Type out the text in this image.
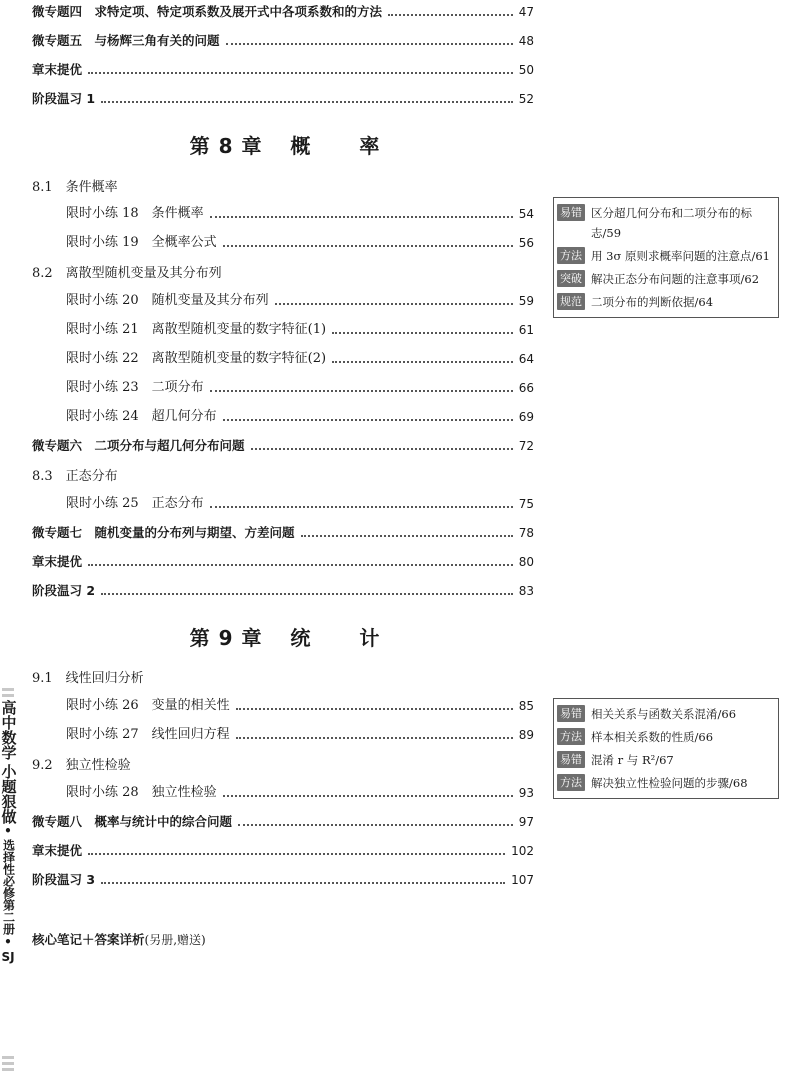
微专题四　求特定项、特定项系数及展开式中各项系数和的方法	47
微专题五　与杨辉三角有关的问题	48
章末提优	50
阶段温习 1	52
第 8 章 概 率
8.1　条件概率
限时小练 18　条件概率	54
限时小练 19　全概率公式	56
8.2　离散型随机变量及其分布列
限时小练 20　随机变量及其分布列	59
限时小练 21　离散型随机变量的数字特征(1)	61
限时小练 22　离散型随机变量的数字特征(2)	64
限时小练 23　二项分布	66
限时小练 24　超几何分布	69
微专题六　二项分布与超几何分布问题	72
8.3　正态分布
限时小练 25　正态分布	75
微专题七　随机变量的分布列与期望、方差问题	78
章末提优	80
阶段温习 2	83
易错 区分超几何分布和二项分布的标志/59
方法 用 3σ 原则求概率问题的注意点/61
突破 解决正态分布问题的注意事项/62
规范 二项分布的判断依据/64
第 9 章 统 计
9.1　线性回归分析
限时小练 26　变量的相关性	85
限时小练 27　线性回归方程	89
9.2　独立性检验
限时小练 28　独立性检验	93
微专题八　概率与统计中的综合问题	97
章末提优	102
阶段温习 3	107
易错 相关关系与函数关系混淆/66
方法 样本相关系数的性质/66
易错 混淆 r 与 R²/67
方法 解决独立性检验问题的步骤/68
核心笔记＋答案详析(另册,赠送)
高中数学
小题狠做
•
选择性必修第二册
•
SJ
